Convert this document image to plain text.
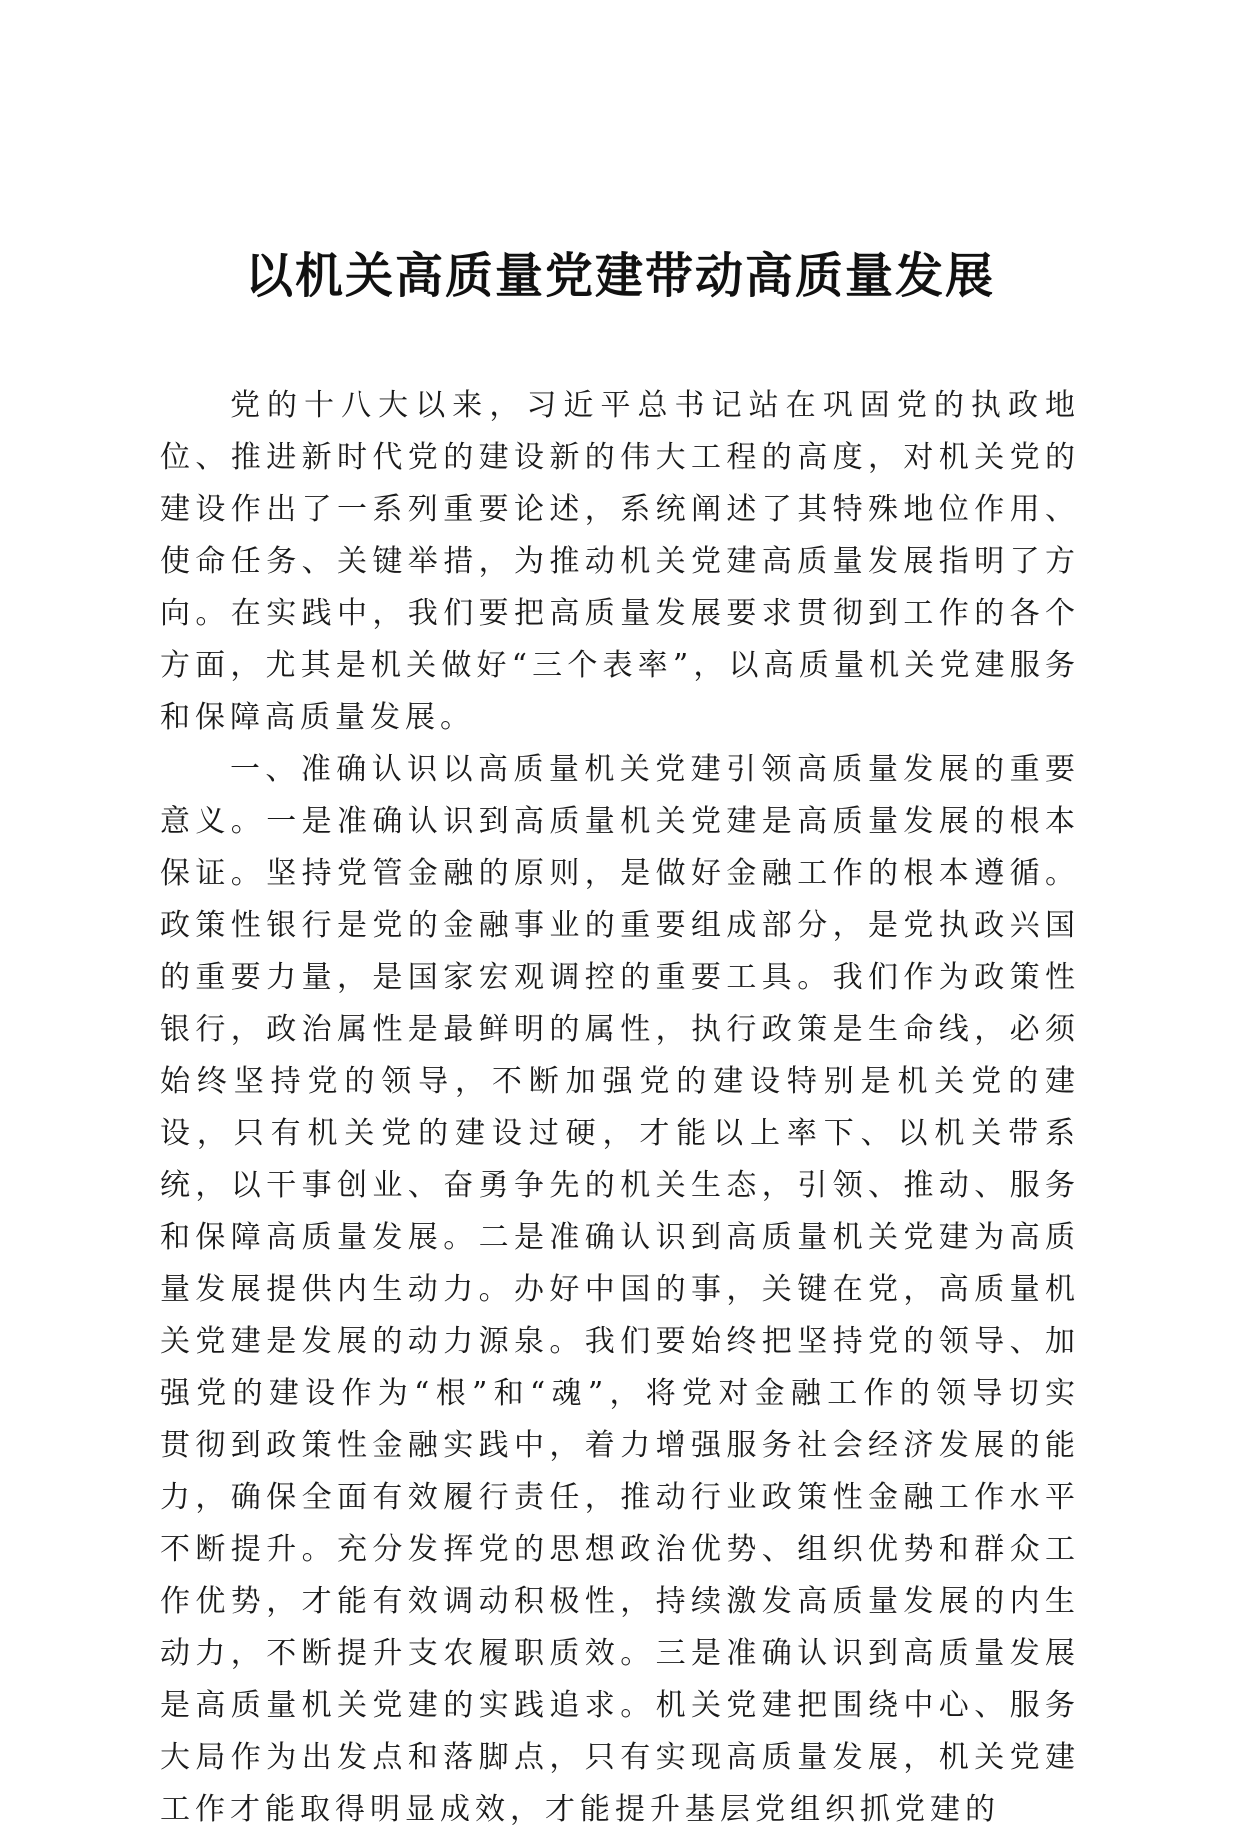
以机关高质量党建带动高质量发展

党的十八大以来，习近平总书记站在巩固党的执政地位、推进新时代党的建设新的伟大工程的高度，对机关党的建设作出了一系列重要论述，系统阐述了其特殊地位作用、使命任务、关键举措，为推动机关党建高质量发展指明了方向。在实践中，我们要把高质量发展要求贯彻到工作的各个方面，尤其是机关做好“三个表率”，以高质量机关党建服务和保障高质量发展。

一、准确认识以高质量机关党建引领高质量发展的重要意义。一是准确认识到高质量机关党建是高质量发展的根本保证。坚持党管金融的原则，是做好金融工作的根本遵循。政策性银行是党的金融事业的重要组成部分，是党执政兴国的重要力量，是国家宏观调控的重要工具。我们作为政策性银行，政治属性是最鲜明的属性，执行政策是生命线，必须始终坚持党的领导，不断加强党的建设特别是机关党的建设，只有机关党的建设过硬，才能以上率下、以机关带系统，以干事创业、奋勇争先的机关生态，引领、推动、服务和保障高质量发展。二是准确认识到高质量机关党建为高质量发展提供内生动力。办好中国的事，关键在党，高质量机关党建是发展的动力源泉。我们要始终把坚持党的领导、加强党的建设作为“根”和“魂”，将党对金融工作的领导切实贯彻到政策性金融实践中，着力增强服务社会经济发展的能力，确保全面有效履行责任，推动行业政策性金融工作水平不断提升。充分发挥党的思想政治优势、组织优势和群众工作优势，才能有效调动积极性，持续激发高质量发展的内生动力，不断提升支农履职质效。三是准确认识到高质量发展是高质量机关党建的实践追求。机关党建把围绕中心、服务大局作为出发点和落脚点，只有实现高质量发展，机关党建工作才能取得明显成效，才能提升基层党组织抓党建的
